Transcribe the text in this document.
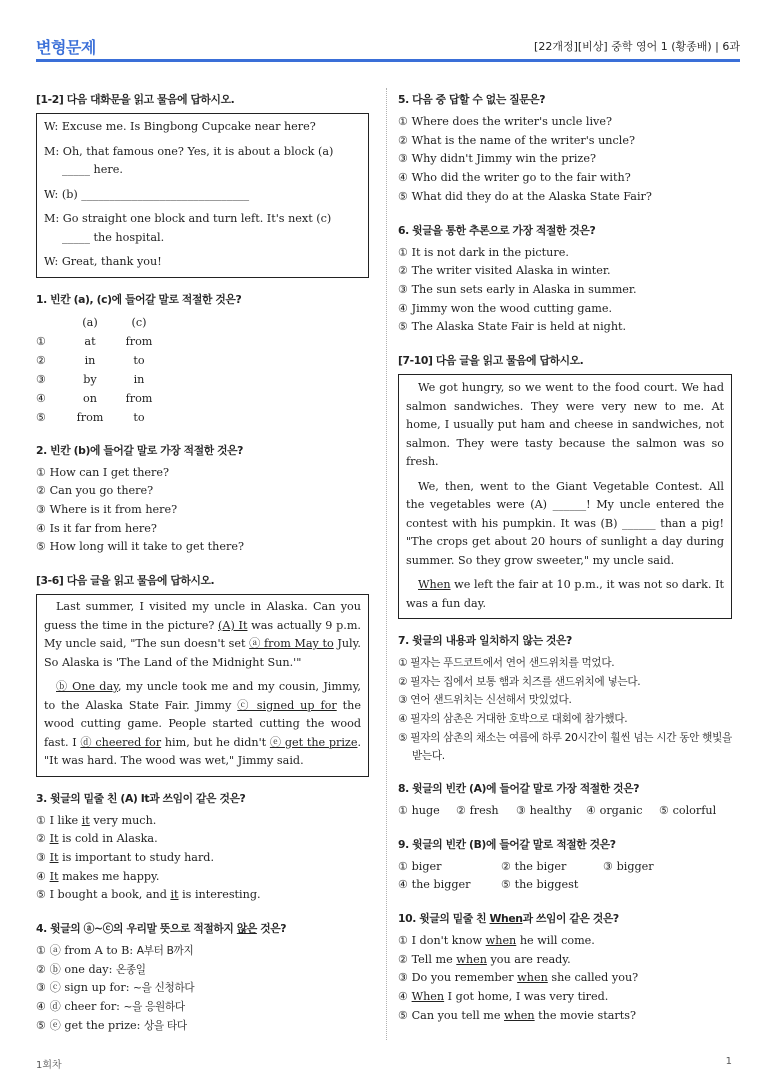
변형문제	[22개정][비상] 중학 영어 1 (황종배) | 6과
[1-2] 다음 대화문을 읽고 물음에 답하시오.

W: Excuse me. Is Bingbong Cupcake near here?

M: Oh, that famous one? Yes, it is about a block (a) _____ here.

W: (b) ______________________________

M: Go straight one block and turn left. It's next (c) _____ the hospital.

W: Great, thank you!

1. 빈칸 (a), (c)에 들어갈 말로 적절한 것은?
(a)	(c)
①	at	from
②	in	to
③	by	in
④	on	from
⑤	from	to
2. 빈칸 (b)에 들어갈 말로 가장 적절한 것은?
① How can I get there?
② Can you go there?
③ Where is it from here?
④ Is it far from here?
⑤ How long will it take to get there?
[3-6] 다음 글을 읽고 물음에 답하시오.

Last summer, I visited my uncle in Alaska. Can you guess the time in the picture? (A) It was actually 9 p.m. My uncle said, "The sun doesn't set ⓐ from May to July. So Alaska is 'The Land of the Midnight Sun.'"

ⓑ One day, my uncle took me and my cousin, Jimmy, to the Alaska State Fair. Jimmy ⓒ signed up for the wood cutting game. People started cutting the wood fast. I ⓓ cheered for him, but he didn't ⓔ get the prize. "It was hard. The wood was wet," Jimmy said.

3. 윗글의 밑줄 친 (A) It과 쓰임이 같은 것은?
① I like it very much.
② It is cold in Alaska.
③ It is important to study hard.
④ It makes me happy.
⑤ I bought a book, and it is interesting.
4. 윗글의 ⓐ~ⓒ의 우리말 뜻으로 적절하지 않은 것은?
① ⓐ from A to B: A부터 B까지
② ⓑ one day: 온종일
③ ⓒ sign up for: ~을 신청하다
④ ⓓ cheer for: ~을 응원하다
⑤ ⓔ get the prize: 상을 타다
5. 다음 중 답할 수 없는 질문은?
① Where does the writer's uncle live?
② What is the name of the writer's uncle?
③ Why didn't Jimmy win the prize?
④ Who did the writer go to the fair with?
⑤ What did they do at the Alaska State Fair?
6. 윗글을 통한 추론으로 가장 적절한 것은?
① It is not dark in the picture.
② The writer visited Alaska in winter.
③ The sun sets early in Alaska in summer.
④ Jimmy won the wood cutting game.
⑤ The Alaska State Fair is held at night.
[7-10] 다음 글을 읽고 물음에 답하시오.

We got hungry, so we went to the food court. We had salmon sandwiches. They were very new to me. At home, I usually put ham and cheese in sandwiches, not salmon. They were tasty because the salmon was so fresh.

We, then, went to the Giant Vegetable Contest. All the vegetables were (A) ______! My uncle entered the contest with his pumpkin. It was (B) ______ than a pig! "The crops get about 20 hours of sunlight a day during summer. So they grow sweeter," my uncle said.

When we left the fair at 10 p.m., it was not so dark. It was a fun day.

7. 윗글의 내용과 일치하지 않는 것은?
① 필자는 푸드코트에서 연어 샌드위치를 먹었다.
② 필자는 집에서 보통 햄과 치즈를 샌드위치에 넣는다.
③ 연어 샌드위치는 신선해서 맛있었다.
④ 필자의 삼촌은 거대한 호박으로 대회에 참가했다.
⑤ 필자의 삼촌의 채소는 여름에 하루 20시간이 훨씬 넘는 시간 동안 햇빛을 받는다.
8. 윗글의 빈칸 (A)에 들어갈 말로 가장 적절한 것은?
① huge	② fresh	③ healthy	④ organic	⑤ colorful
9. 윗글의 빈칸 (B)에 들어갈 말로 적절한 것은?
① biger	② the biger	③ bigger
④ the bigger	⑤ the biggest
10. 윗글의 밑줄 친 When과 쓰임이 같은 것은?
① I don't know when he will come.
② Tell me when you are ready.
③ Do you remember when she called you?
④ When I got home, I was very tired.
⑤ Can you tell me when the movie starts?
1회차	1
